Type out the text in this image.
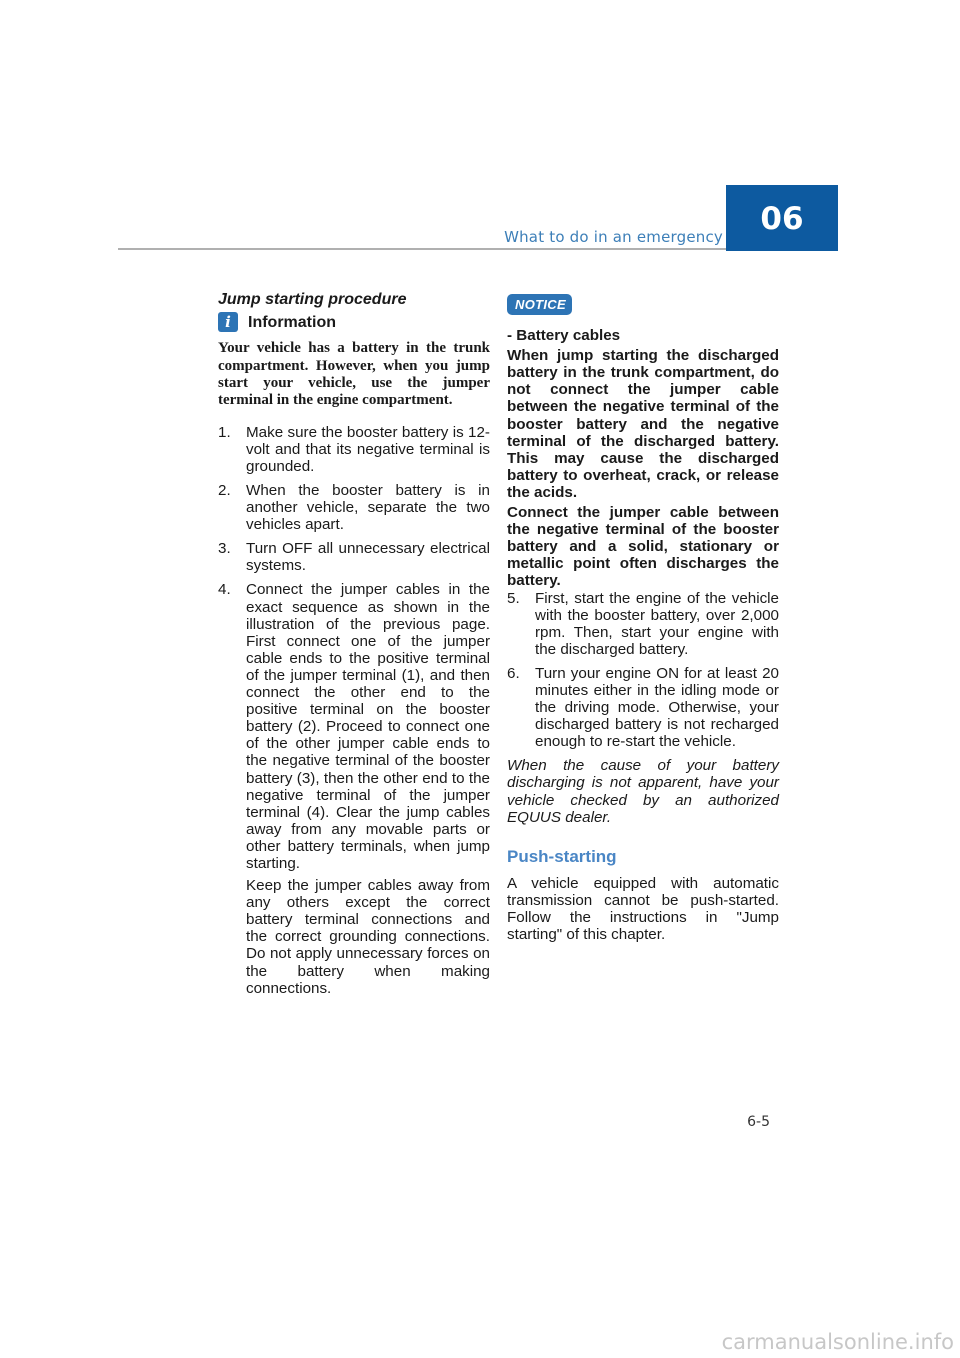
What to do in an emergency	06

Jump starting procedure

i	Information

Your vehicle has a battery in the trunk compartment. However, when you jump start your vehicle, use the jumper terminal in the engine compartment.

1. Make sure the booster battery is 12-volt and that its negative terminal is grounded.
2. When the booster battery is in another vehicle, separate the two vehicles apart.
3. Turn OFF all unnecessary electrical systems.
4. Connect the jumper cables in the exact sequence as shown in the illustration of the previous page. First connect one of the jumper cable ends to the positive terminal of the jumper terminal (1), and then connect the other end to the positive terminal on the booster battery (2). Proceed to connect one of the other jumper cable ends to the negative terminal of the booster battery (3), then the other end to the negative terminal of the jumper terminal (4). Clear the jump cables away from any movable parts or other battery terminals, when jump starting.
Keep the jumper cables away from any others except the correct battery terminal connections and the correct grounding connections. Do not apply unnecessary forces on the battery when making connections.
NOTICE

- Battery cables

When jump starting the discharged battery in the trunk compartment, do not connect the jumper cable between the negative terminal of the booster battery and the negative terminal of the discharged battery. This may cause the discharged battery to overheat, crack, or release the acids.

Connect the jumper cable between the negative terminal of the booster battery and a solid, stationary or metallic point often discharges the battery.

5. First, start the engine of the vehicle with the booster battery, over 2,000 rpm. Then, start your engine with the discharged battery.
6. Turn your engine ON for at least 20 minutes either in the idling mode or the driving mode. Otherwise, your discharged battery is not recharged enough to re-start the vehicle.

When the cause of your battery discharging is not apparent, have your vehicle checked by an authorized EQUUS dealer.

Push-starting

A vehicle equipped with automatic transmission cannot be push-started. Follow the instructions in "Jump starting" of this chapter.

6-5
carmanualsonline.info
